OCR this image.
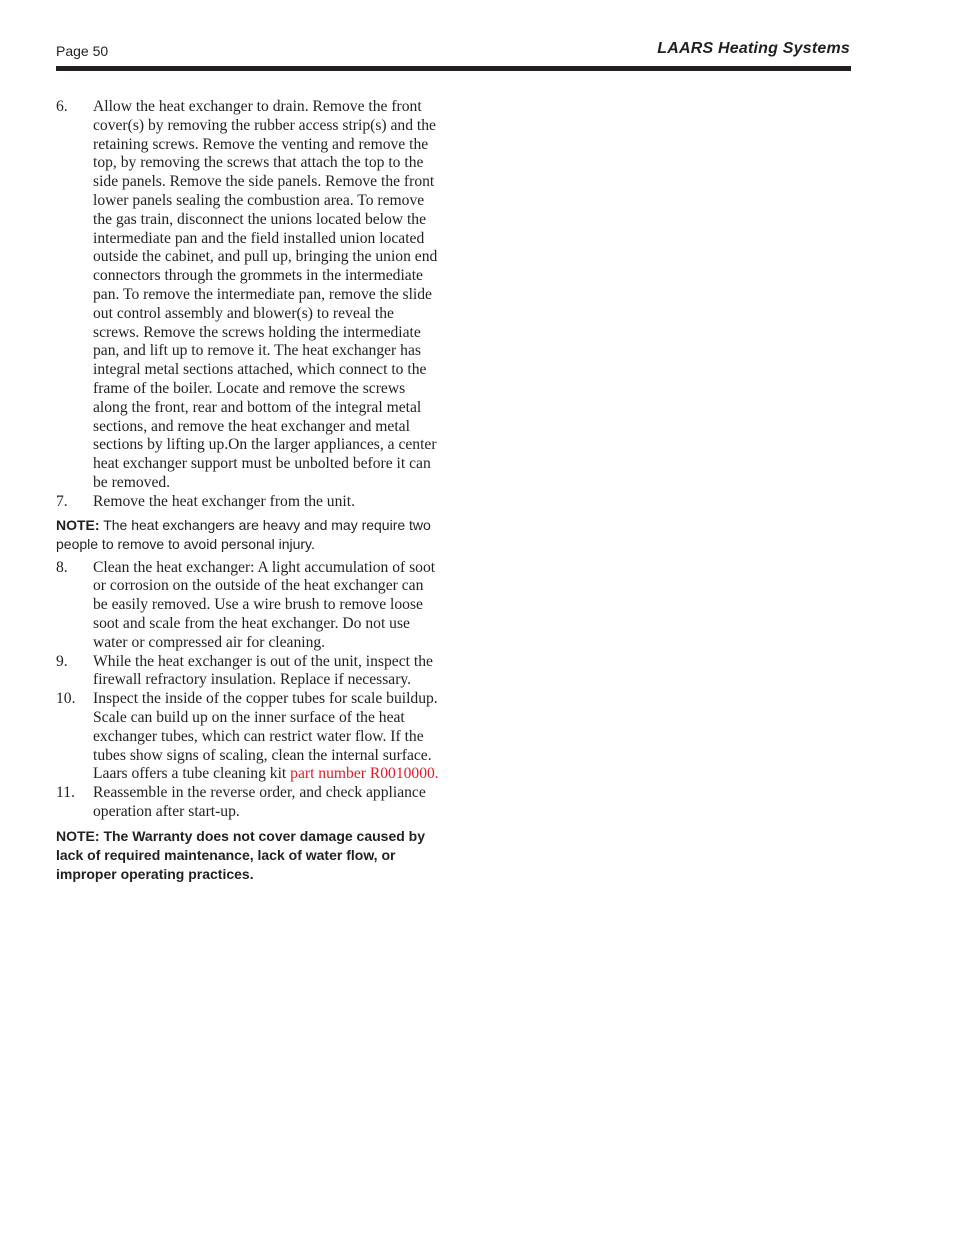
Page 50	LAARS Heating Systems
6. Allow the heat exchanger to drain. Remove the front cover(s) by removing the rubber access strip(s) and the retaining screws. Remove the venting and remove the top, by removing the screws that attach the top to the side panels. Remove the side panels. Remove the front lower panels sealing the combustion area. To remove the gas train, disconnect the unions located below the intermediate pan and the field installed union located outside the cabinet, and pull up, bringing the union end connectors through the grommets in the intermediate pan. To remove the intermediate pan, remove the slide out control assembly and blower(s) to reveal the screws. Remove the screws holding the intermediate pan, and lift up to remove it. The heat exchanger has integral metal sections attached, which connect to the frame of the boiler. Locate and remove the screws along the front, rear and bottom of the integral metal sections, and remove the heat exchanger and metal sections by lifting up.On the larger appliances, a center heat exchanger support must be unbolted before it can be removed.
7. Remove the heat exchanger from the unit.

NOTE: The heat exchangers are heavy and may require two people to remove to avoid personal injury.

8. Clean the heat exchanger: A light accumulation of soot or corrosion on the outside of the heat exchanger can be easily removed. Use a wire brush to remove loose soot and scale from the heat exchanger. Do not use water or compressed air for cleaning.
9. While the heat exchanger is out of the unit, inspect the firewall refractory insulation. Replace if necessary.
10. Inspect the inside of the copper tubes for scale buildup. Scale can build up on the inner surface of the heat exchanger tubes, which can restrict water flow. If the tubes show signs of scaling, clean the internal surface. Laars offers a tube cleaning kit part number R0010000.
11. Reassemble in the reverse order, and check appliance operation after start-up.

NOTE: The Warranty does not cover damage caused by lack of required maintenance, lack of water flow, or improper operating practices.
